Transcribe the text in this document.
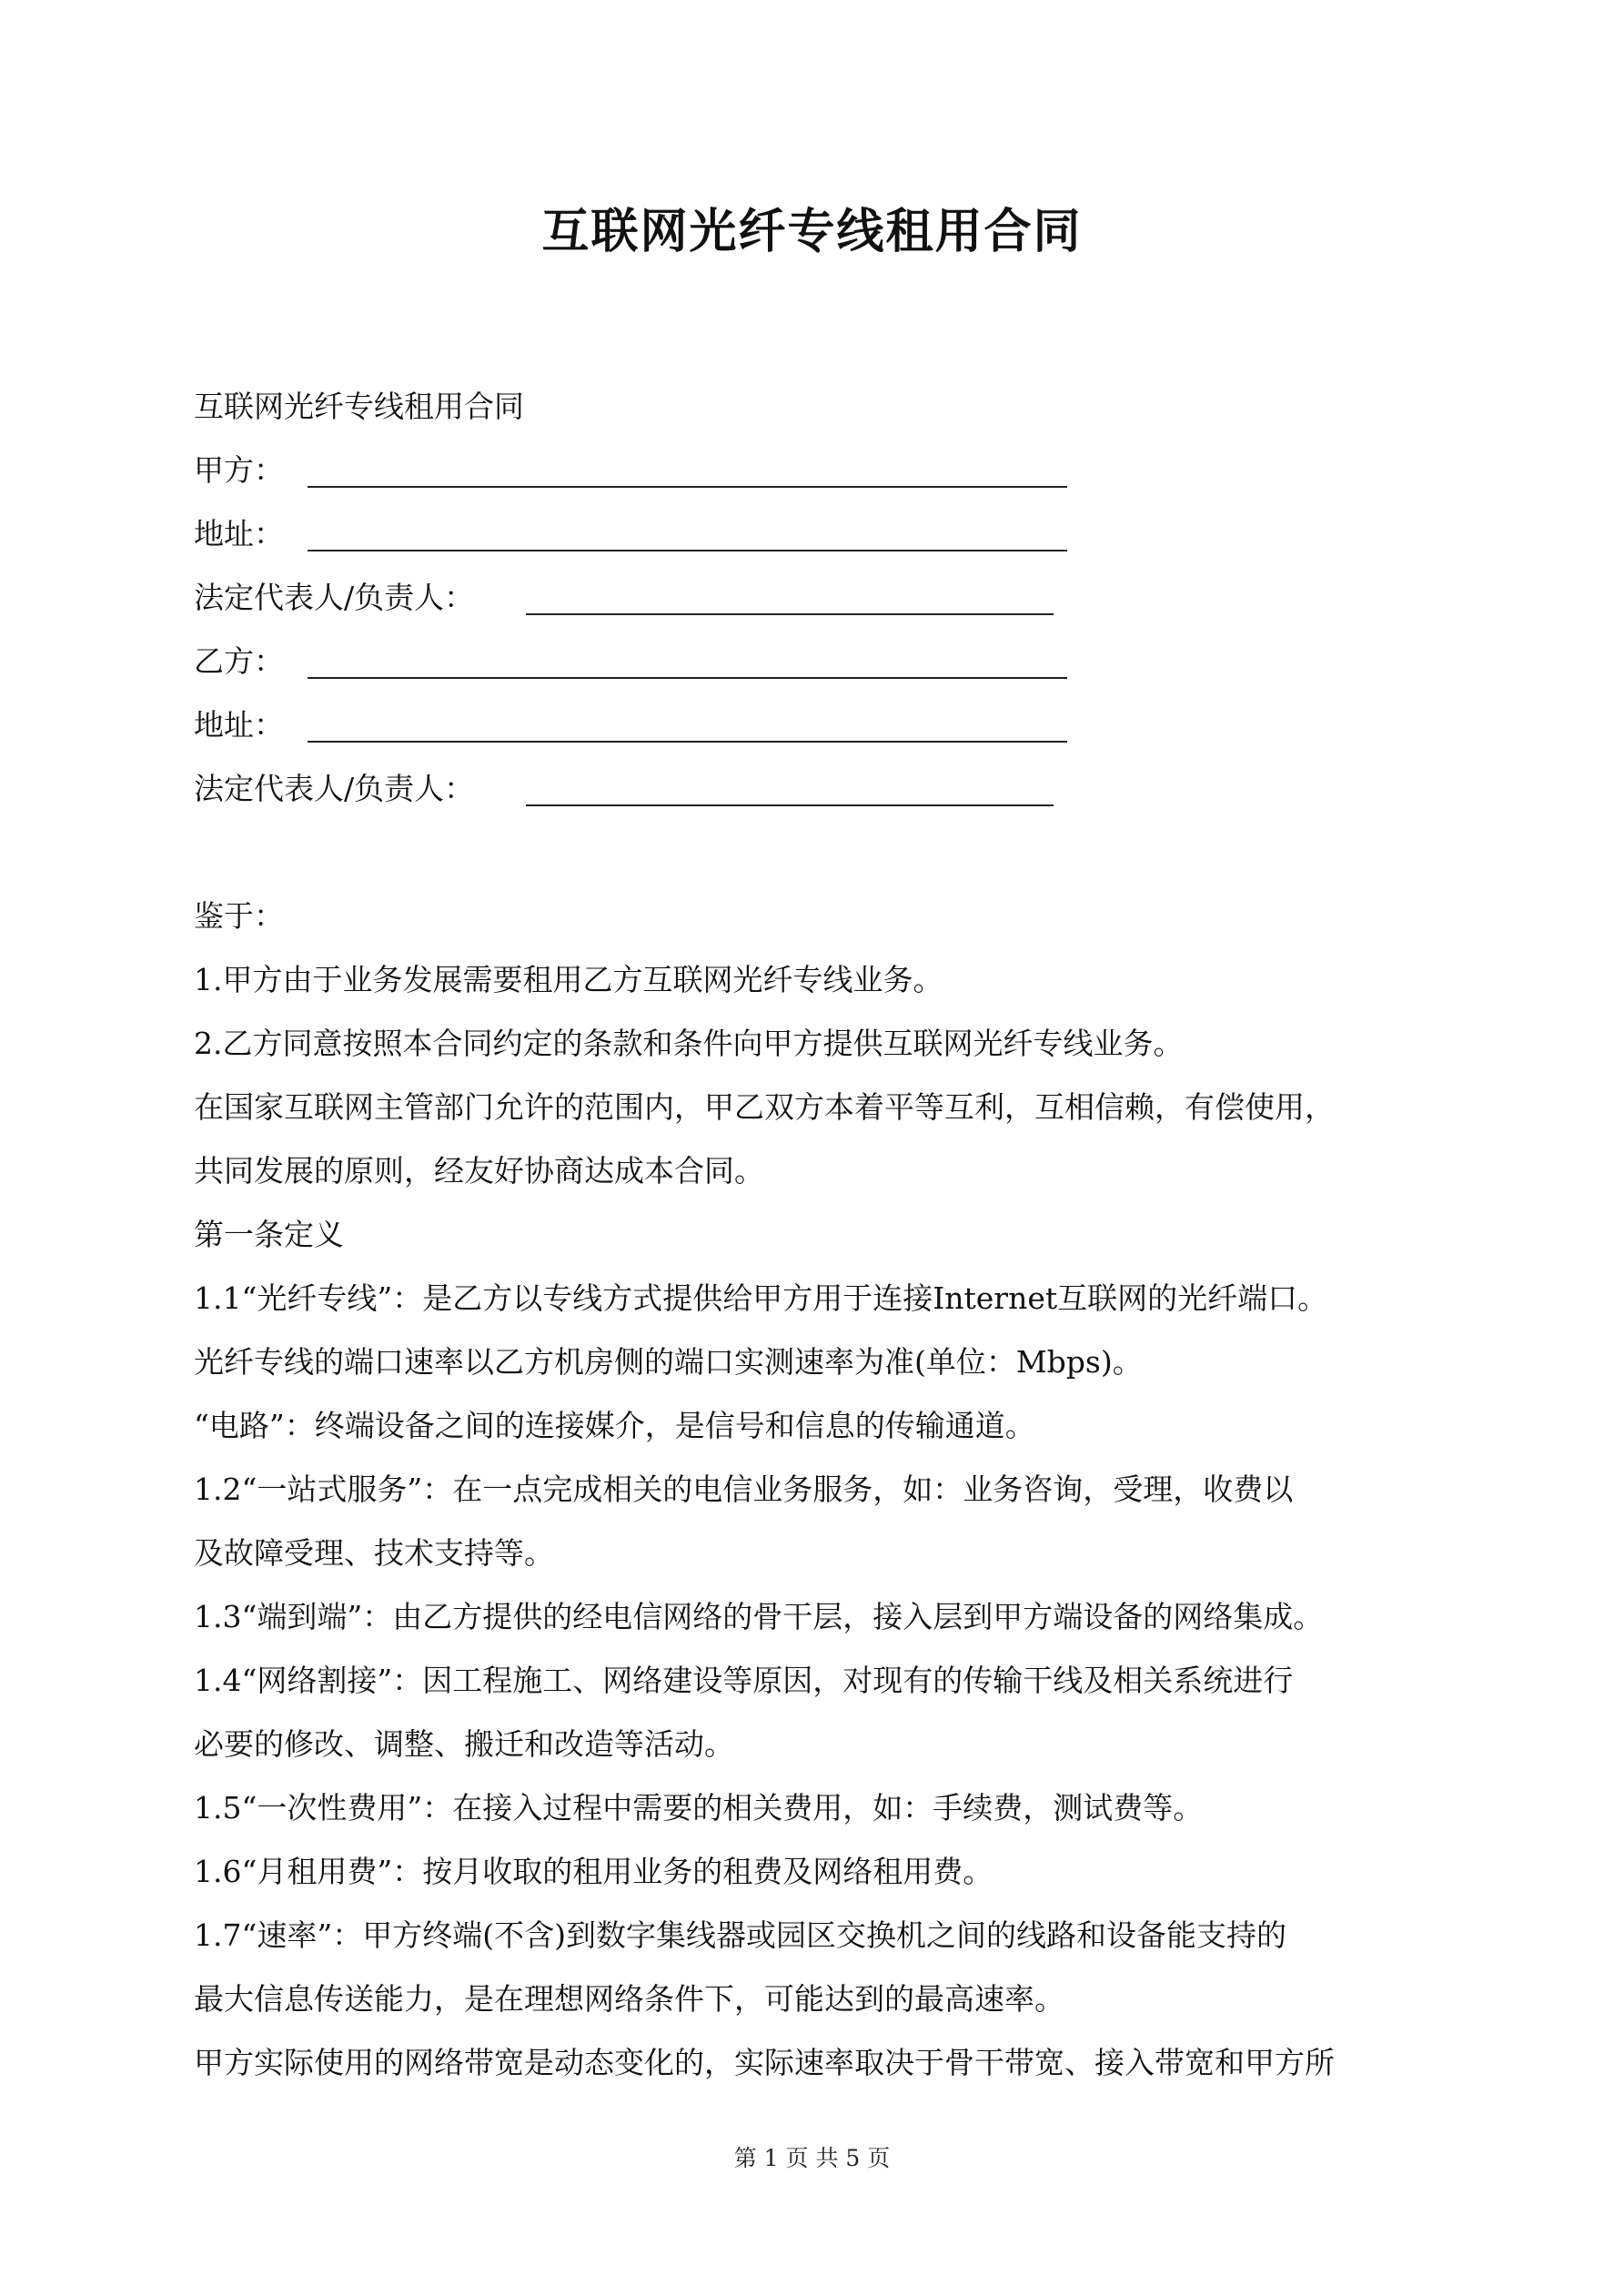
互联网光纤专线租用合同
互联网光纤专线租用合同
甲方：
地址：
法定代表人/负责人：
乙方：
地址：
法定代表人/负责人：
鉴于：
1.甲方由于业务发展需要租用乙方互联网光纤专线业务。
2.乙方同意按照本合同约定的条款和条件向甲方提供互联网光纤专线业务。
在国家互联网主管部门允许的范围内，甲乙双方本着平等互利，互相信赖，有偿使用，
共同发展的原则，经友好协商达成本合同。
第一条定义
1.1“光纤专线”：是乙方以专线方式提供给甲方用于连接Internet互联网的光纤端口。
光纤专线的端口速率以乙方机房侧的端口实测速率为准(单位：Mbps)。
“电路”：终端设备之间的连接媒介，是信号和信息的传输通道。
1.2“一站式服务”：在一点完成相关的电信业务服务，如：业务咨询，受理，收费以
及故障受理、技术支持等。
1.3“端到端”：由乙方提供的经电信网络的骨干层，接入层到甲方端设备的网络集成。
1.4“网络割接”：因工程施工、网络建设等原因，对现有的传输干线及相关系统进行
必要的修改、调整、搬迁和改造等活动。
1.5“一次性费用”：在接入过程中需要的相关费用，如：手续费，测试费等。
1.6“月租用费”：按月收取的租用业务的租费及网络租用费。
1.7“速率”：甲方终端(不含)到数字集线器或园区交换机之间的线路和设备能支持的
最大信息传送能力，是在理想网络条件下，可能达到的最高速率。
甲方实际使用的网络带宽是动态变化的，实际速率取决于骨干带宽、接入带宽和甲方所
第 1 页 共 5 页
